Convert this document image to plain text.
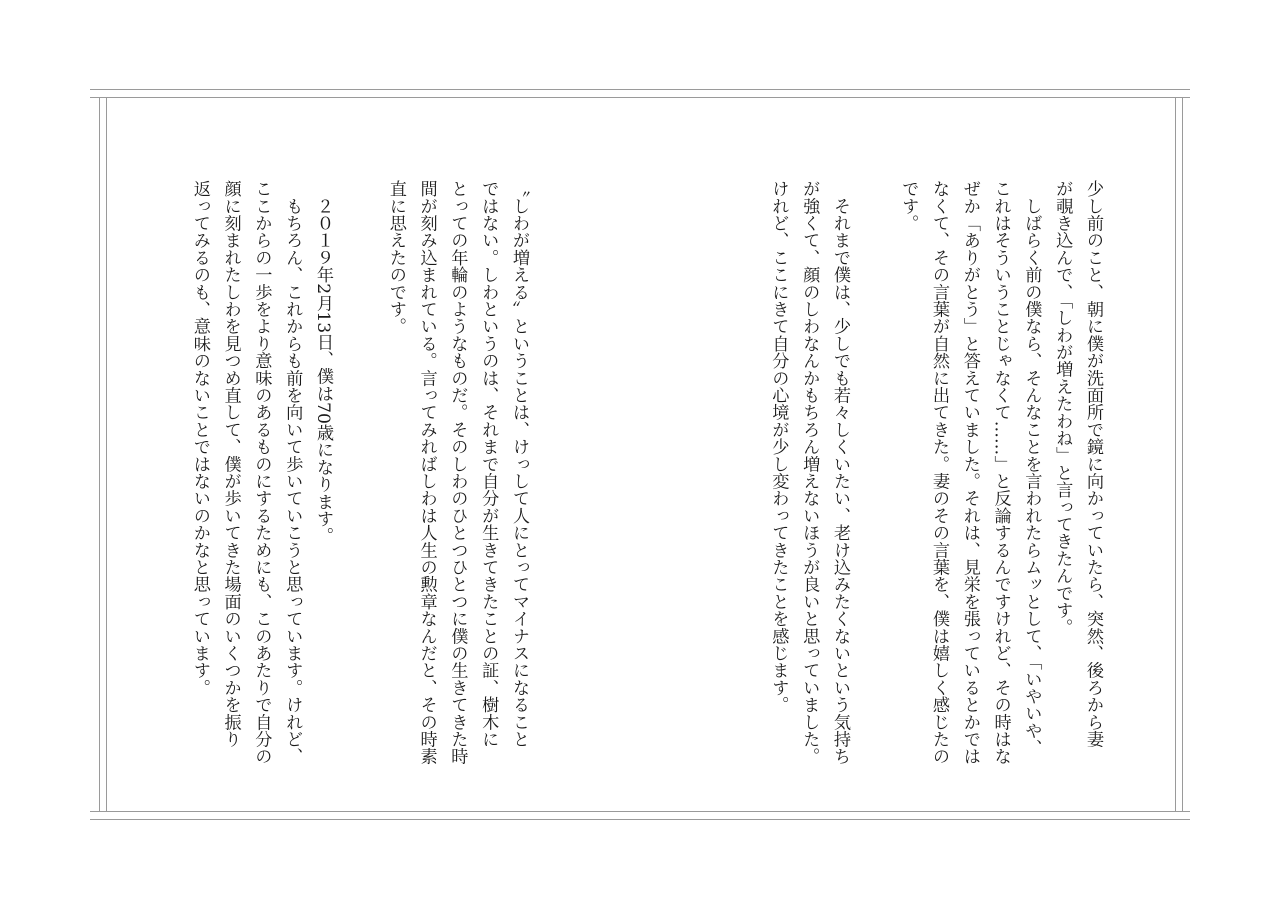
少し前のこと、朝に僕が洗面所で鏡に向かっていたら、突然、後ろから妻

が覗き込んで、「しわが増えたわね」と言ってきたんです。

　しばらく前の僕なら、そんなことを言われたらムッとして、「いやいや、

これはそういうことじゃなくて……」と反論するんですけれど、その時はな

ぜか「ありがとう」と答えていました。それは、見栄を張っているとかでは

なくて、その言葉が自然に出てきた。妻のその言葉を、僕は嬉しく感じたの

です。

　それまで僕は、少しでも若々しくいたい、老け込みたくないという気持ち

が強くて、顔のしわなんかもちろん増えないほうが良いと思っていました。

けれど、ここにきて自分の心境が少し変わってきたことを感じます。

〝しわが増える〟ということは、けっして人にとってマイナスになること

ではない。しわというのは、それまで自分が生きてきたことの証、樹木に

とっての年輪のようなものだ。そのしわのひとつひとつに僕の生きてきた時

間が刻み込まれている。言ってみればしわは人生の勲章なんだと、その時素

直に思えたのです。

　２０１９年2月13日、僕は70歳になります。

　もちろん、これからも前を向いて歩いていこうと思っています。けれど、

ここからの一歩をより意味のあるものにするためにも、このあたりで自分の

顔に刻まれたしわを見つめ直して、僕が歩いてきた場面のいくつかを振り

返ってみるのも、意味のないことではないのかなと思っています。
